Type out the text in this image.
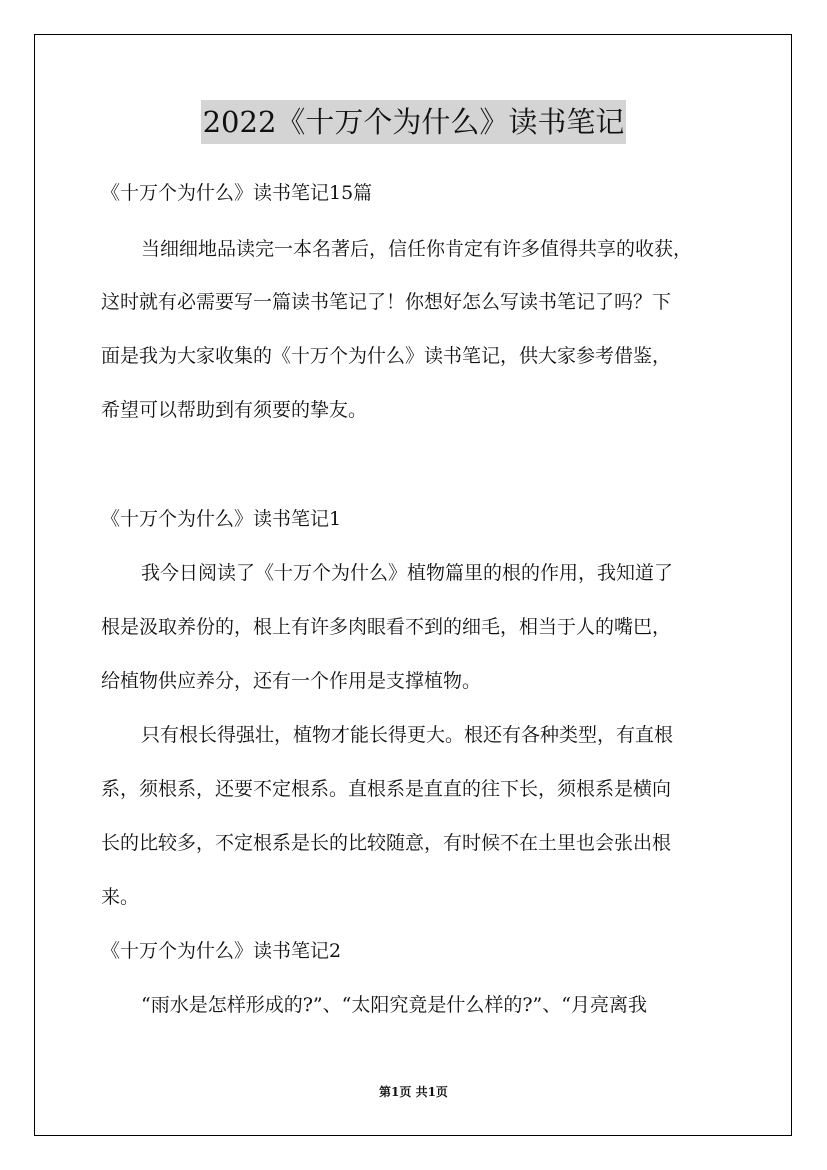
2022《十万个为什么》读书笔记
《十万个为什么》读书笔记15篇
当细细地品读完一本名著后，信任你肯定有许多值得共享的收获，
这时就有必需要写一篇读书笔记了！你想好怎么写读书笔记了吗？下
面是我为大家收集的《十万个为什么》读书笔记，供大家参考借鉴，
希望可以帮助到有须要的挚友。
《十万个为什么》读书笔记1
我今日阅读了《十万个为什么》植物篇里的根的作用，我知道了
根是汲取养份的，根上有许多肉眼看不到的细毛，相当于人的嘴巴，
给植物供应养分，还有一个作用是支撑植物。
只有根长得强壮，植物才能长得更大。根还有各种类型，有直根
系，须根系，还要不定根系。直根系是直直的往下长，须根系是横向
长的比较多，不定根系是长的比较随意，有时候不在土里也会张出根
来。
《十万个为什么》读书笔记2
“雨水是怎样形成的?”、“太阳究竟是什么样的?”、“月亮离我
第1页 共1页
